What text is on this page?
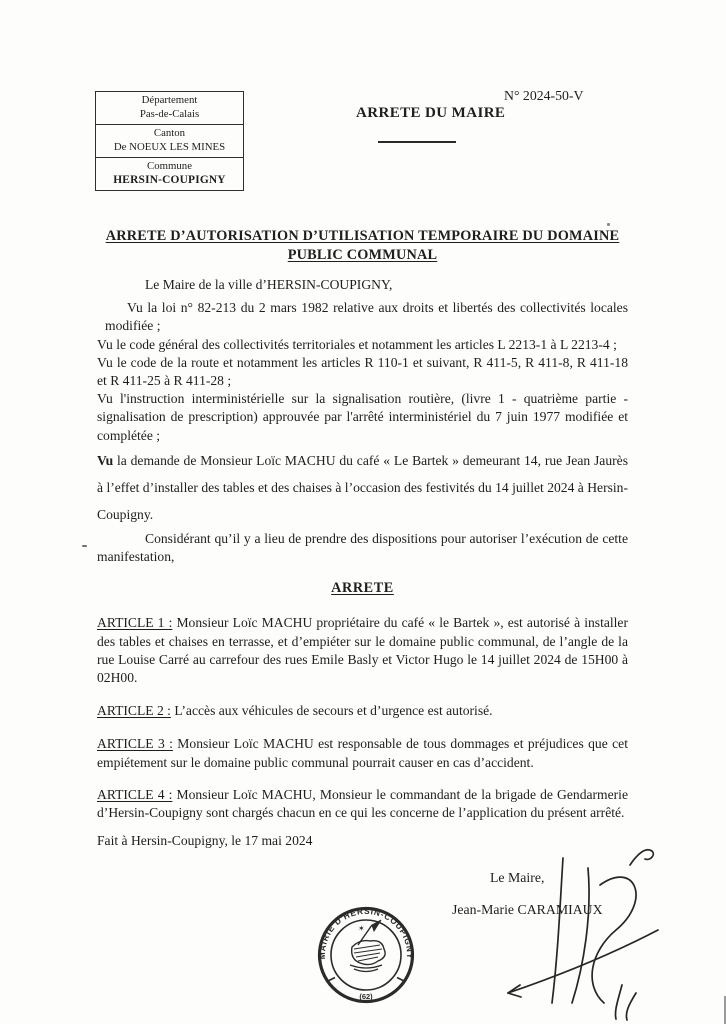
Département
Pas-de-Calais
Canton
De NOEUX LES MINES
Commune
HERSIN-COUPIGNY
N° 2024-50-V
ARRETE DU MAIRE
ARRETE D’AUTORISATION D’UTILISATION TEMPORAIRE DU DOMAINE
PUBLIC COMMUNAL

Le Maire de la ville d’HERSIN-COUPIGNY,

Vu la loi n° 82-213 du 2 mars 1982 relative aux droits et libertés des collectivités locales modifiée ;

Vu le code général des collectivités territoriales et notamment les articles L 2213-1 à L 2213-4 ;

Vu le code de la route et notamment les articles R 110-1 et suivant, R 411-5, R 411-8, R 411-18 et R 411-25 à R 411-28 ;

Vu l'instruction interministérielle sur la signalisation routière, (livre 1 - quatrième partie - signalisation de prescription) approuvée par l'arrêté interministériel du 7 juin 1977 modifiée et complétée ;

Vu la demande de Monsieur Loïc MACHU du café « Le Bartek » demeurant 14, rue Jean Jaurès à l’effet d’installer des tables et des chaises à l’occasion des festivités du 14 juillet 2024 à Hersin-Coupigny.

Considérant qu’il y a lieu de prendre des dispositions pour autoriser l’exécution de cette manifestation,

ARRETE

ARTICLE 1 : Monsieur Loïc MACHU propriétaire du café « le Bartek », est autorisé à installer des tables et chaises en terrasse, et d’empiéter sur le domaine public communal, de l’angle de la rue Louise Carré au carrefour des rues Emile Basly et Victor Hugo le 14 juillet 2024 de 15H00 à 02H00.

ARTICLE 2 : L’accès aux véhicules de secours et d’urgence est autorisé.

ARTICLE 3 : Monsieur Loïc MACHU est responsable de tous dommages et préjudices que cet empiétement sur le domaine public communal pourrait causer en cas d’accident.

ARTICLE 4 : Monsieur Loïc MACHU, Monsieur le commandant de la brigade de Gendarmerie d’Hersin-Coupigny sont chargés chacun en ce qui les concerne de l’application du présent arrêté.

Fait à Hersin-Coupigny, le 17 mai 2024

Le Maire,
Jean-Marie CARAMIAUX
✶
MAIRIE D'HERSIN-COUPIGNY
(62)
